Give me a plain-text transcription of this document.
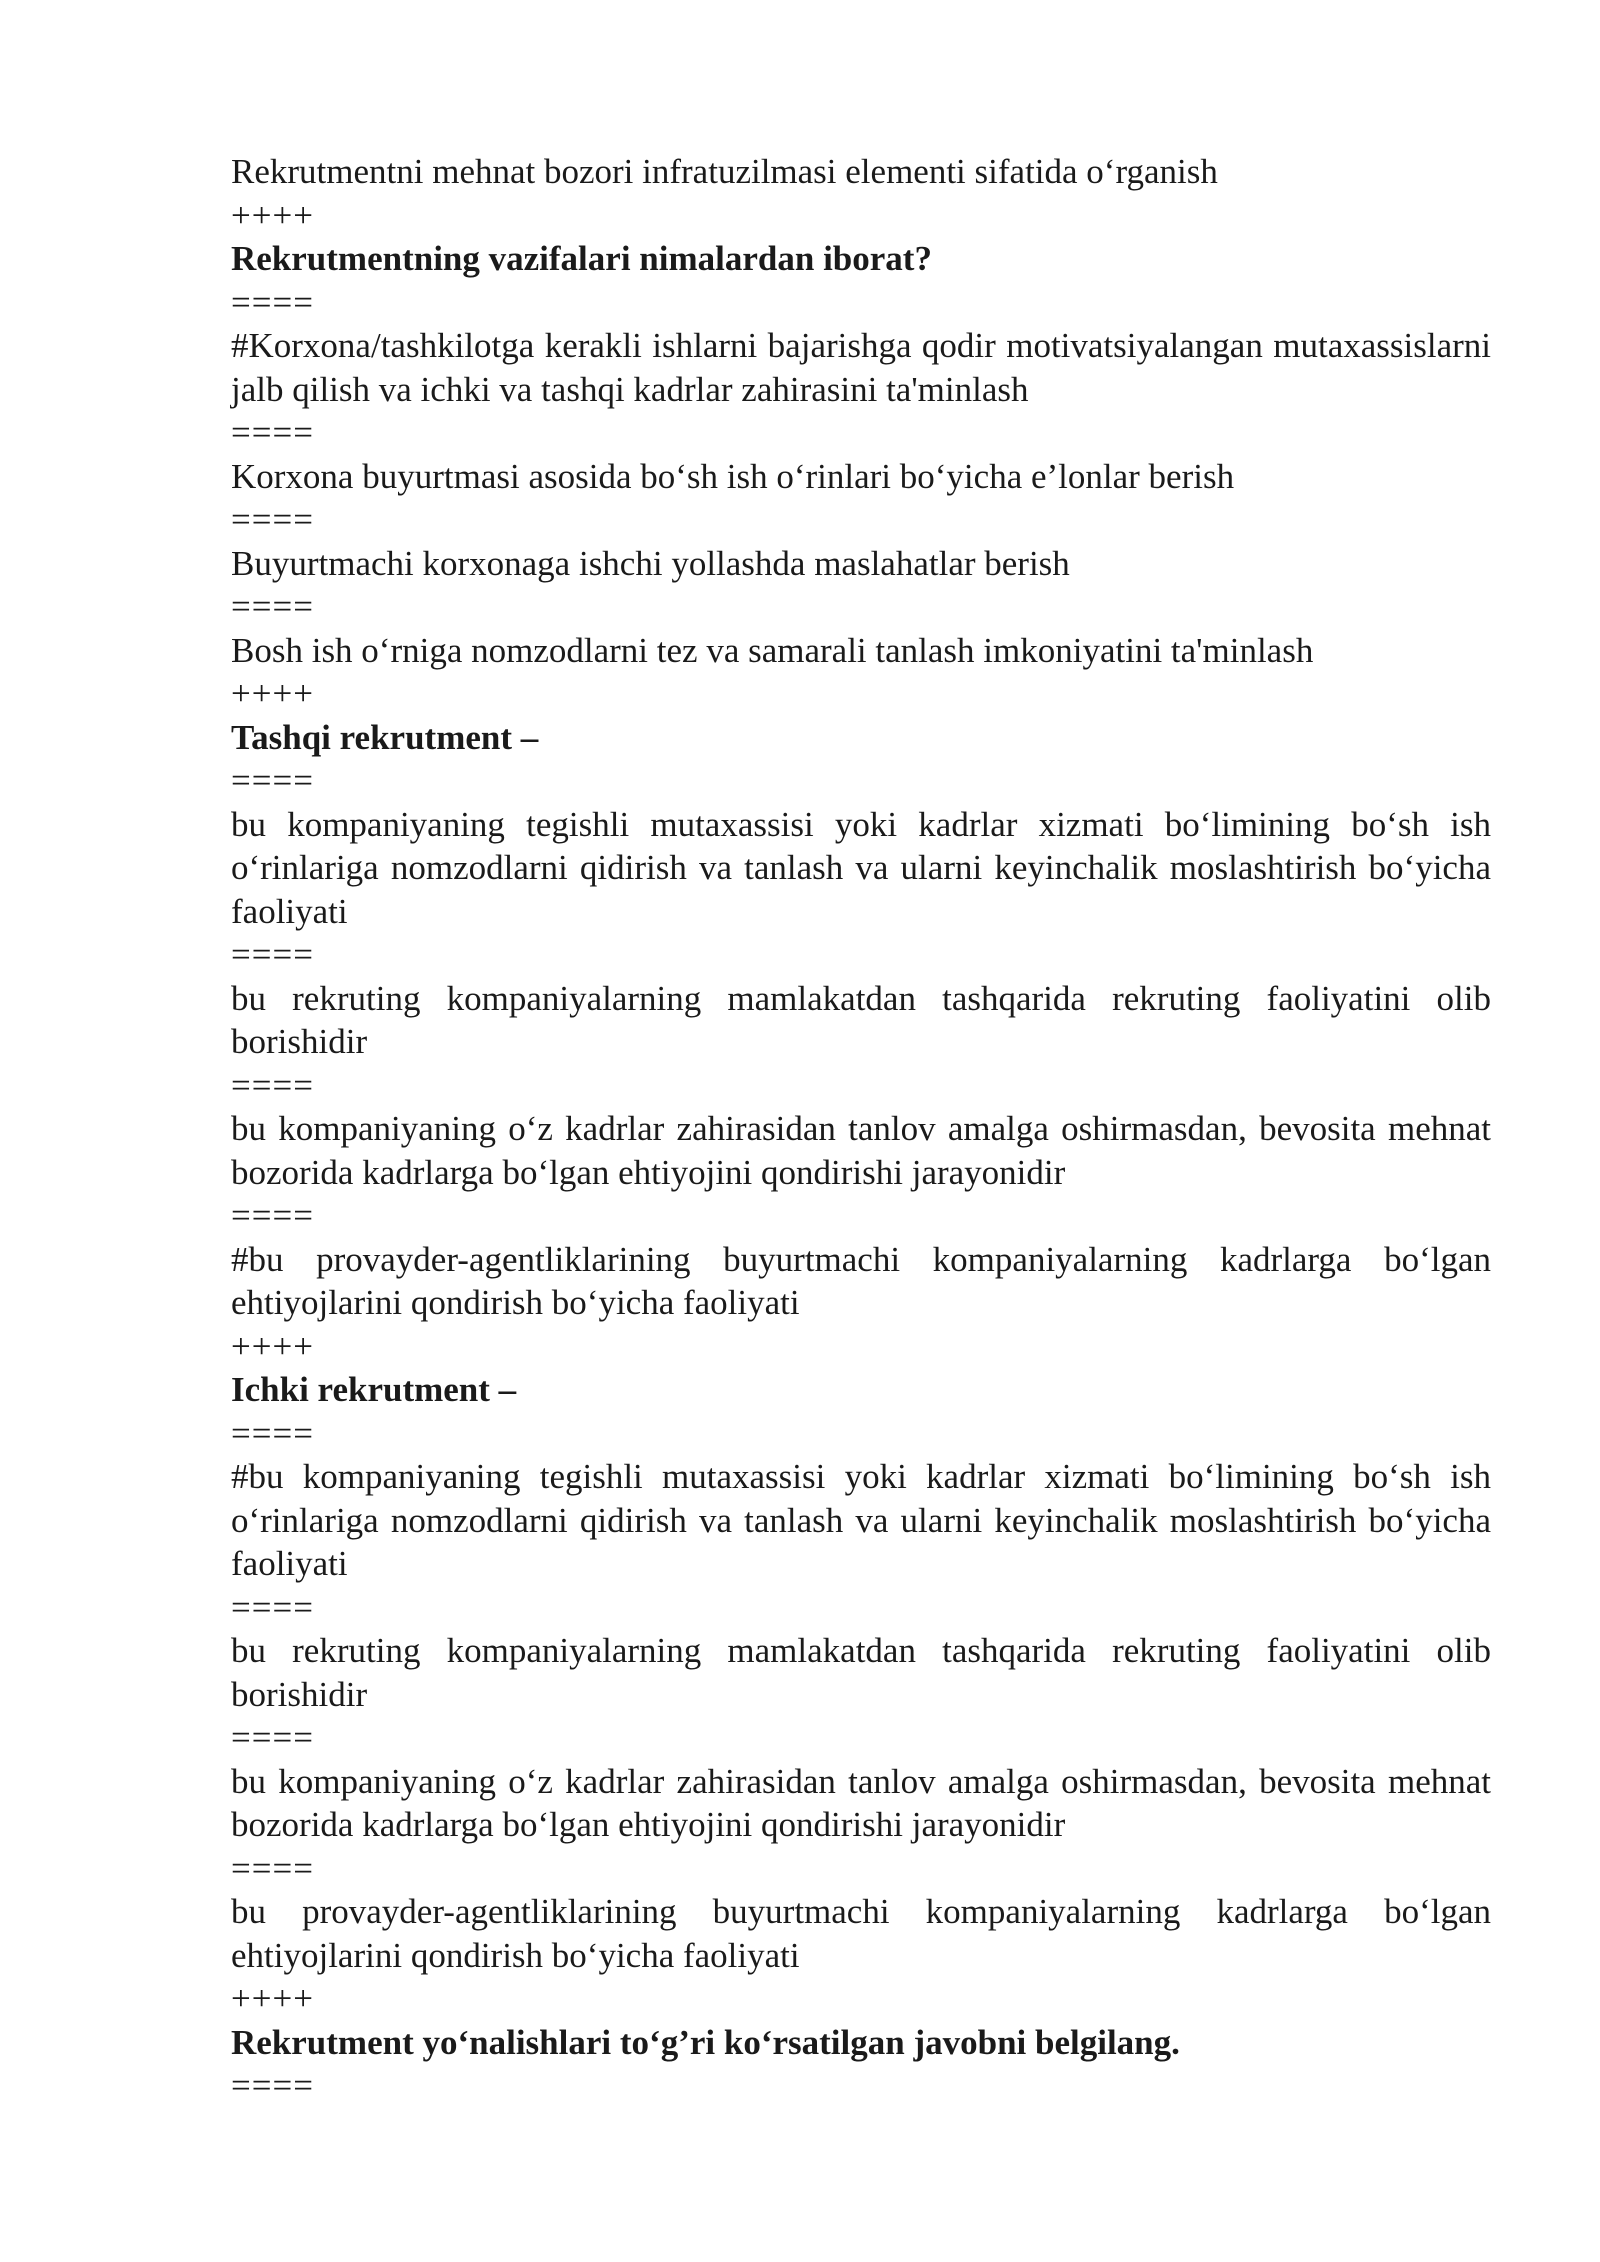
Rekrutmentni mehnat bozori infratuzilmasi elementi sifatida o‘rganish

++++

Rekrutmentning vazifalari nimalardan iborat?

====

#Korxona/tashkilotga kerakli ishlarni bajarishga qodir motivatsiyalangan mutaxassislarni jalb qilish va ichki va tashqi kadrlar zahirasini ta'minlash

====

Korxona buyurtmasi asosida bo‘sh ish o‘rinlari bo‘yicha e’lonlar berish

====

Buyurtmachi korxonaga ishchi yollashda maslahatlar berish

====

Bosh ish o‘rniga nomzodlarni tez va samarali tanlash imkoniyatini ta'minlash

++++

Tashqi rekrutment –

====

bu kompaniyaning tegishli mutaxassisi yoki kadrlar xizmati bo‘limining bo‘sh ish o‘rinlariga nomzodlarni qidirish va tanlash va ularni keyinchalik moslashtirish bo‘yicha faoliyati

====

bu rekruting kompaniyalarning mamlakatdan tashqarida rekruting faoliyatini olib borishidir

====

bu kompaniyaning o‘z kadrlar zahirasidan tanlov amalga oshirmasdan, bevosita mehnat bozorida kadrlarga bo‘lgan ehtiyojini qondirishi jarayonidir

====

#bu provayder-agentliklarining buyurtmachi kompaniyalarning kadrlarga bo‘lgan ehtiyojlarini qondirish bo‘yicha faoliyati

++++

Ichki rekrutment –

====

#bu kompaniyaning tegishli mutaxassisi yoki kadrlar xizmati bo‘limining bo‘sh ish o‘rinlariga nomzodlarni qidirish va tanlash va ularni keyinchalik moslashtirish bo‘yicha faoliyati

====

bu rekruting kompaniyalarning mamlakatdan tashqarida rekruting faoliyatini olib borishidir

====

bu kompaniyaning o‘z kadrlar zahirasidan tanlov amalga oshirmasdan, bevosita mehnat bozorida kadrlarga bo‘lgan ehtiyojini qondirishi jarayonidir

====

bu provayder-agentliklarining buyurtmachi kompaniyalarning kadrlarga bo‘lgan ehtiyojlarini qondirish bo‘yicha faoliyati

++++

Rekrutment yo‘nalishlari to‘g’ri ko‘rsatilgan javobni belgilang.

====
